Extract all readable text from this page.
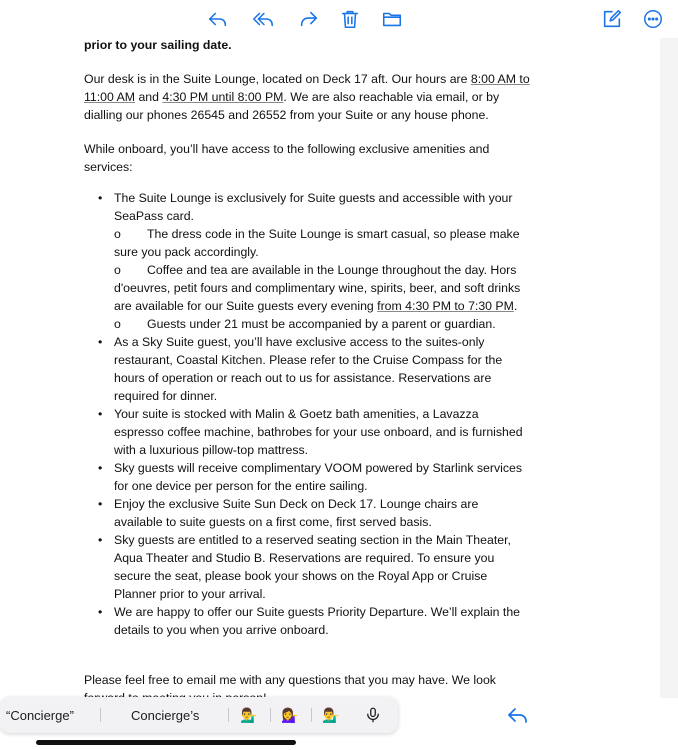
prior to your sailing date.

Our desk is in the Suite Lounge, located on Deck 17 aft. Our hours are 8:00 AM to 11:00 AM and 4:30 PM until 8:00 PM. We are also reachable via email, or by dialling our phones 26545 and 26552 from your Suite or any house phone.

While onboard, you’ll have access to the following exclusive amenities and services:

• The Suite Lounge is exclusively for Suite guests and accessible with your SeaPass card.
o The dress code in the Suite Lounge is smart casual, so please make sure you pack accordingly.
o Coffee and tea are available in the Lounge throughout the day. Hors d'oeuvres, petit fours and complimentary wine, spirits, beer, and soft drinks are available for our Suite guests every evening from 4:30 PM to 7:30 PM.
o Guests under 21 must be accompanied by a parent or guardian.
• As a Sky Suite guest, you’ll have exclusive access to the suites-only restaurant, Coastal Kitchen. Please refer to the Cruise Compass for the hours of operation or reach out to us for assistance. Reservations are required for dinner.
• Your suite is stocked with Malin & Goetz bath amenities, a Lavazza espresso coffee machine, bathrobes for your use onboard, and is furnished with a luxurious pillow-top mattress.
• Sky guests will receive complimentary VOOM powered by Starlink services for one device per person for the entire sailing.
• Enjoy the exclusive Suite Sun Deck on Deck 17. Lounge chairs are available to suite guests on a first come, first served basis.
• Sky guests are entitled to a reserved seating section in the Main Theater, Aqua Theater and Studio B. Reservations are required. To ensure you secure the seat, please book your shows on the Royal App or Cruise Planner prior to your arrival.
• We are happy to offer our Suite guests Priority Departure. We’ll explain the details to you when you arrive onboard.

Please feel free to email me with any questions that you may have. We look

“Concierge”	Concierge’s	💁‍♂️ 💁‍♀️ 💁‍♂️
